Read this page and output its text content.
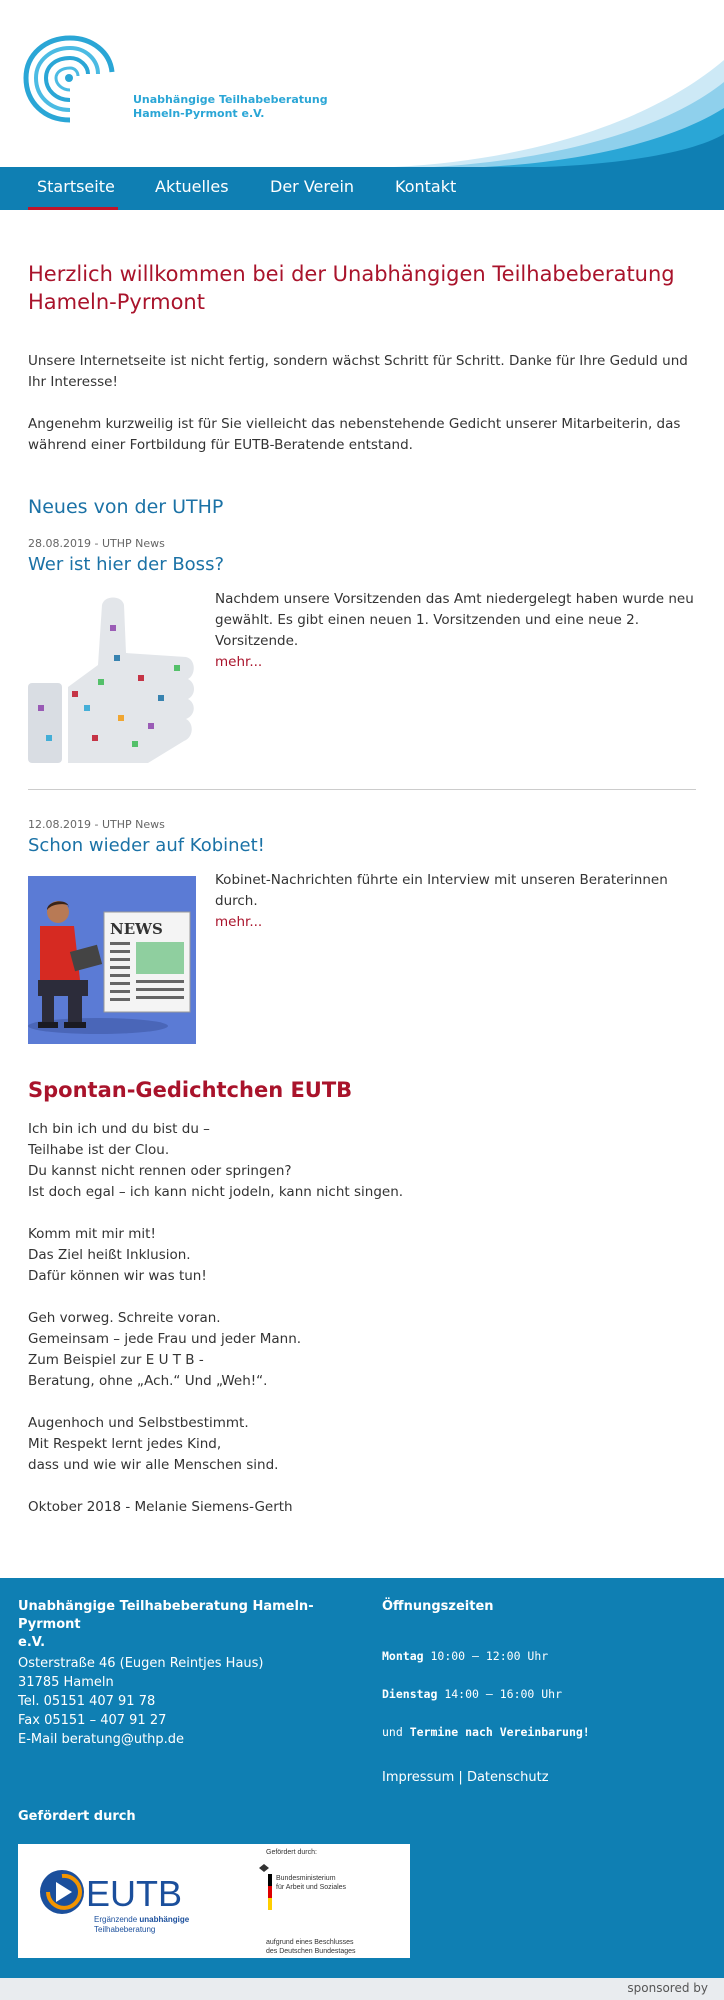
Unabhängige Teilhabeberatung
Hameln-Pyrmont e.V.
Startseite	Aktuelles	Der Verein	Kontakt
Herzlich willkommen bei der Unabhängigen Teilhabeberatung Hameln-Pyrmont

Unsere Internetseite ist nicht fertig, sondern wächst Schritt für Schritt. Danke für Ihre Geduld und Ihr Interesse!

Angenehm kurzweilig ist für Sie vielleicht das nebenstehende Gedicht unserer Mitarbeiterin, das während einer Fortbildung für EUTB-Beratende entstand.

Neues von der UTHP
28.08.2019 - UTHP News
Wer ist hier der Boss?
Nachdem unsere Vorsitzenden das Amt niedergelegt haben wurde neu gewählt. Es gibt einen neuen 1. Vorsitzenden und eine neue 2. Vorsitzende.
mehr...
12.08.2019 - UTHP News
Schon wieder auf Kobinet!
NEWS
Kobinet-Nachrichten führte ein Interview mit unseren Beraterinnen durch.
mehr...
Spontan-Gedichtchen EUTB
Ich bin ich und du bist du –
Teilhabe ist der Clou.
Du kannst nicht rennen oder springen?
Ist doch egal – ich kann nicht jodeln, kann nicht singen.
Komm mit mir mit!
Das Ziel heißt Inklusion.
Dafür können wir was tun!
Geh vorweg. Schreite voran.
Gemeinsam – jede Frau und jeder Mann.
Zum Beispiel zur E U T B -
Beratung, ohne „Ach.“ Und „Weh!“.
Augenhoch und Selbstbestimmt.
Mit Respekt lernt jedes Kind,
dass und wie wir alle Menschen sind.
Oktober 2018 - Melanie Siemens-Gerth
Unabhängige Teilhabeberatung Hameln-Pyrmont
e.V.
Osterstraße 46 (Eugen Reintjes Haus)
31785 Hameln
Tel. 05151 407 91 78
Fax 05151 – 407 91 27
E-Mail beratung@uthp.de
Öffnungszeiten
Montag 10:00 – 12:00 Uhr
Dienstag 14:00 – 16:00 Uhr
und Termine nach Vereinbarung!
Impressum | Datenschutz
Gefördert durch
EUTB
Ergänzende unabhängige
Teilhabeberatung
Gefördert durch:
Bundesministerium
für Arbeit und Soziales
aufgrund eines Beschlusses
des Deutschen Bundestages
sponsored by
